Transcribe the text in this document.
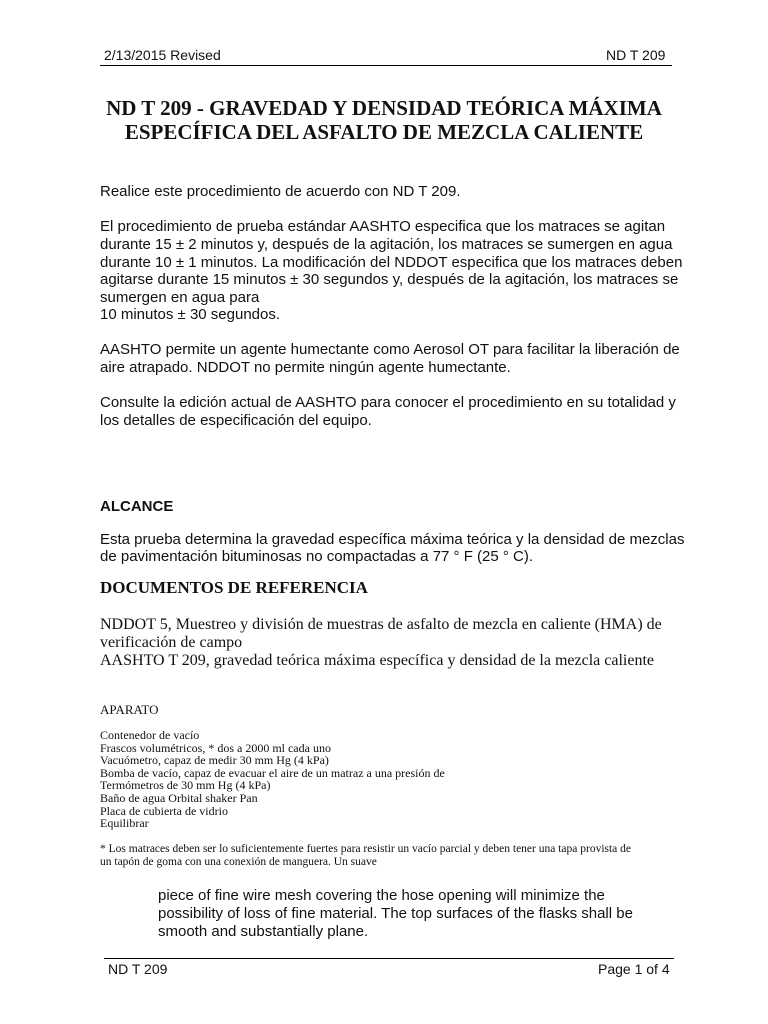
2/13/2015 Revised	ND T 209
ND T 209 - GRAVEDAD Y DENSIDAD TEÓRICA MÁXIMA
ESPECÍFICA DEL ASFALTO DE MEZCLA CALIENTE
Realice este procedimiento de acuerdo con ND T 209.
El procedimiento de prueba estándar AASHTO especifica que los matraces se agitan
durante 15 ± 2 minutos y, después de la agitación, los matraces se sumergen en agua
durante 10 ± 1 minutos. La modificación del NDDOT especifica que los matraces deben
agitarse durante 15 minutos ± 30 segundos y, después de la agitación, los matraces se
sumergen en agua para
10 minutos ± 30 segundos.
AASHTO permite un agente humectante como Aerosol OT para facilitar la liberación de
aire atrapado. NDDOT no permite ningún agente humectante.
Consulte la edición actual de AASHTO para conocer el procedimiento en su totalidad y
los detalles de especificación del equipo.
ALCANCE
Esta prueba determina la gravedad específica máxima teórica y la densidad de mezclas
de pavimentación bituminosas no compactadas a 77 ° F (25 ° C).
DOCUMENTOS DE REFERENCIA
NDDOT 5, Muestreo y división de muestras de asfalto de mezcla en caliente (HMA) de
verificación de campo
AASHTO T 209, gravedad teórica máxima específica y densidad de la mezcla caliente
APARATO
Contenedor de vacío
Frascos volumétricos, * dos a 2000 ml cada uno
Vacuómetro, capaz de medir 30 mm Hg (4 kPa)
Bomba de vacío, capaz de evacuar el aire de un matraz a una presión de
Termómetros de 30 mm Hg (4 kPa)
Baño de agua Orbital shaker Pan
Placa de cubierta de vidrio
Equilibrar
* Los matraces deben ser lo suficientemente fuertes para resistir un vacío parcial y deben tener una tapa provista de
un tapón de goma con una conexión de manguera. Un suave
piece of fine wire mesh covering the hose opening will minimize the
possibility of loss of fine material. The top surfaces of the flasks shall be
smooth and substantially plane.
ND T 209	Page 1 of 4
